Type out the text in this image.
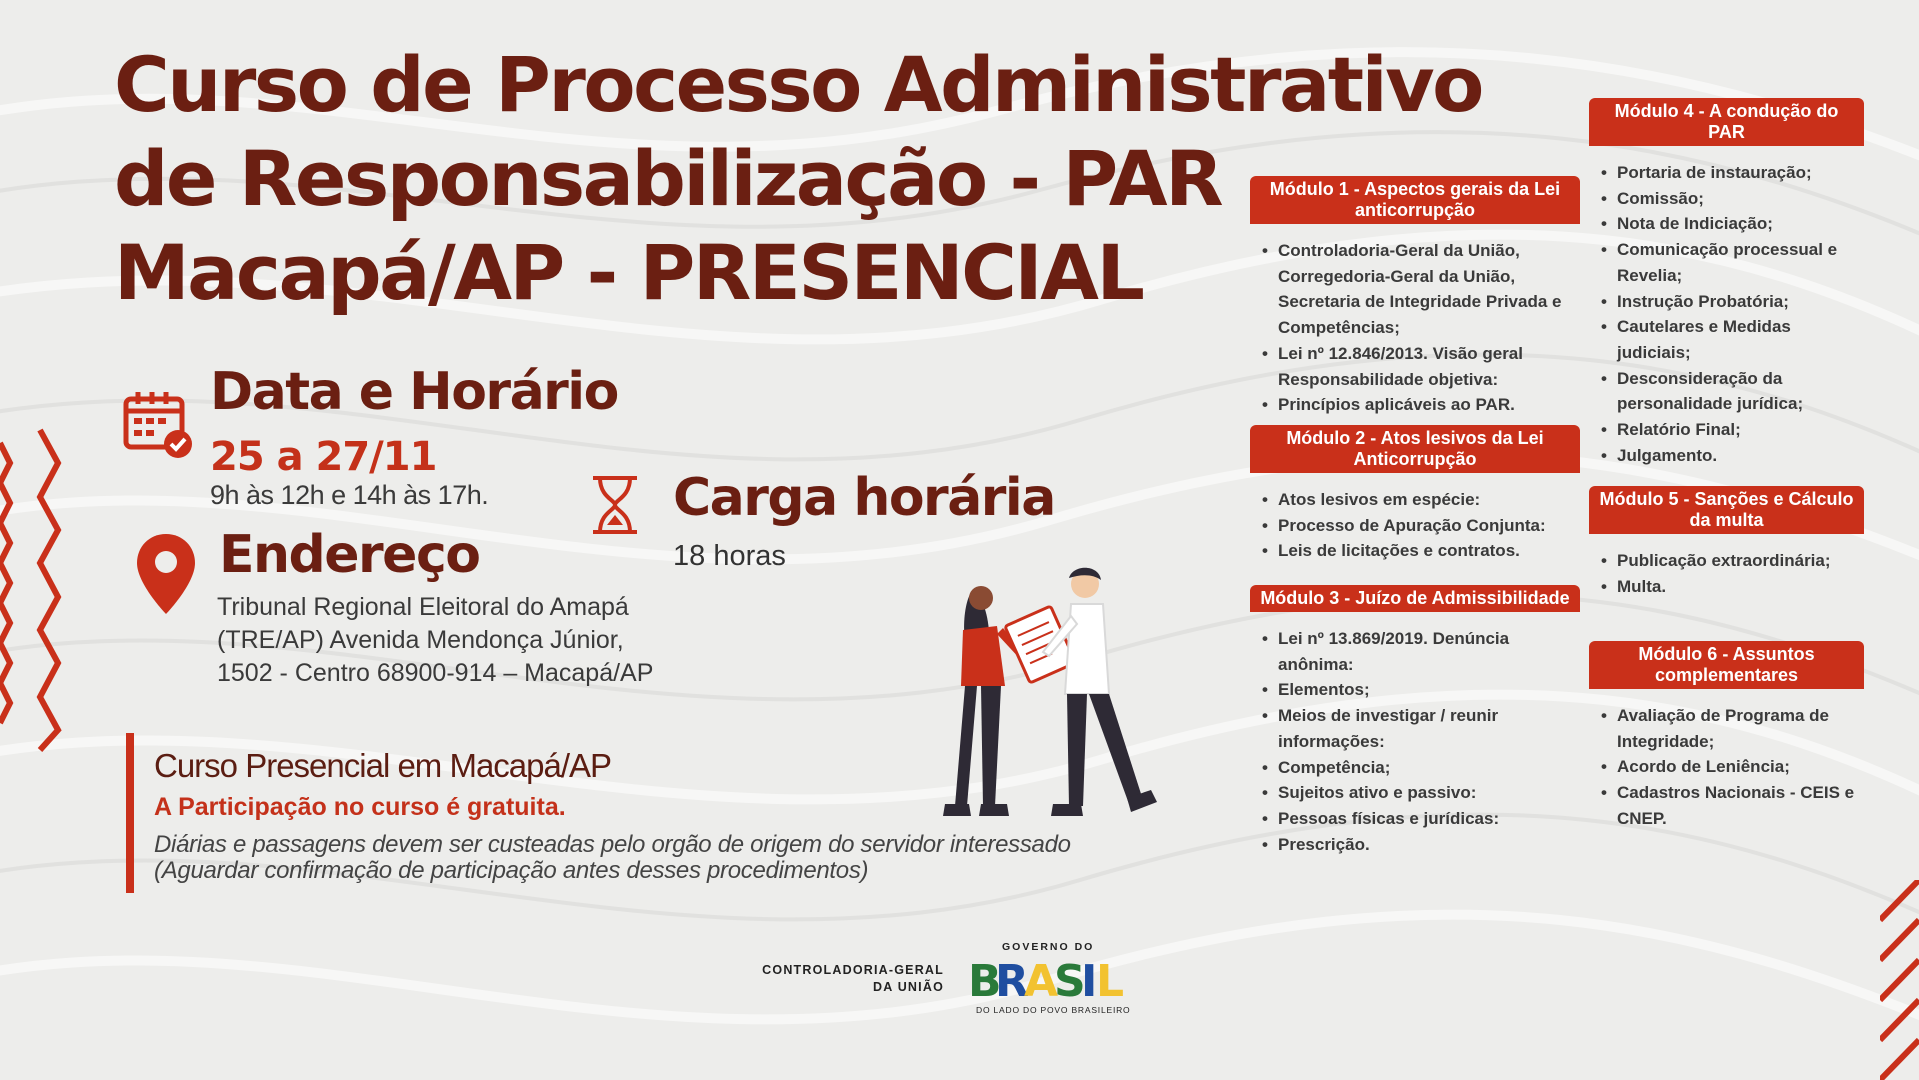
Curso de Processo Administrativo
de Responsabilização - PAR
Macapá/AP - PRESENCIAL
Data e Horário
25 a 27/11
9h às 12h e 14h às 17h.
Endereço
Tribunal Regional Eleitoral do Amapá (TRE/AP) Avenida Mendonça Júnior, 1502 - Centro 68900-914 – Macapá/AP
Carga horária
18 horas
Curso Presencial em Macapá/AP
A Participação no curso é gratuita.
Diárias e passagens devem ser custeadas pelo orgão de origem do servidor interessado (Aguardar confirmação de participação antes desses procedimentos)
Módulo 1 - Aspectos gerais da Lei anticorrupção
• Controladoria-Geral da União, Corregedoria-Geral da União, Secretaria de Integridade Privada e Competências;
• Lei nº 12.846/2013. Visão geral Responsabilidade objetiva:
• Princípios aplicáveis ao PAR.
Módulo 2 - Atos lesivos da Lei Anticorrupção
• Atos lesivos em espécie:
• Processo de Apuração Conjunta:
• Leis de licitações e contratos.
Módulo 3 - Juízo de Admissibilidade
• Lei nº 13.869/2019. Denúncia anônima:
• Elementos;
• Meios de investigar / reunir informações:
• Competência;
• Sujeitos ativo e passivo:
• Pessoas físicas e jurídicas:
• Prescrição.
Módulo 4 - A condução do PAR
• Portaria de instauração;
• Comissão;
• Nota de Indiciação;
• Comunicação processual e Revelia;
• Instrução Probatória;
• Cautelares e Medidas judiciais;
• Desconsideração da personalidade jurídica;
• Relatório Final;
• Julgamento.
Módulo 5 - Sanções e Cálculo da multa
• Publicação extraordinária;
• Multa.
Módulo 6 - Assuntos complementares
• Avaliação de Programa de Integridade;
• Acordo de Leniência;
• Cadastros Nacionais - CEIS e CNEP.
CONTROLADORIA-GERAL
DA UNIÃO
GOVERNO DO
B
R
A
S
I
L
DO LADO DO POVO BRASILEIRO
